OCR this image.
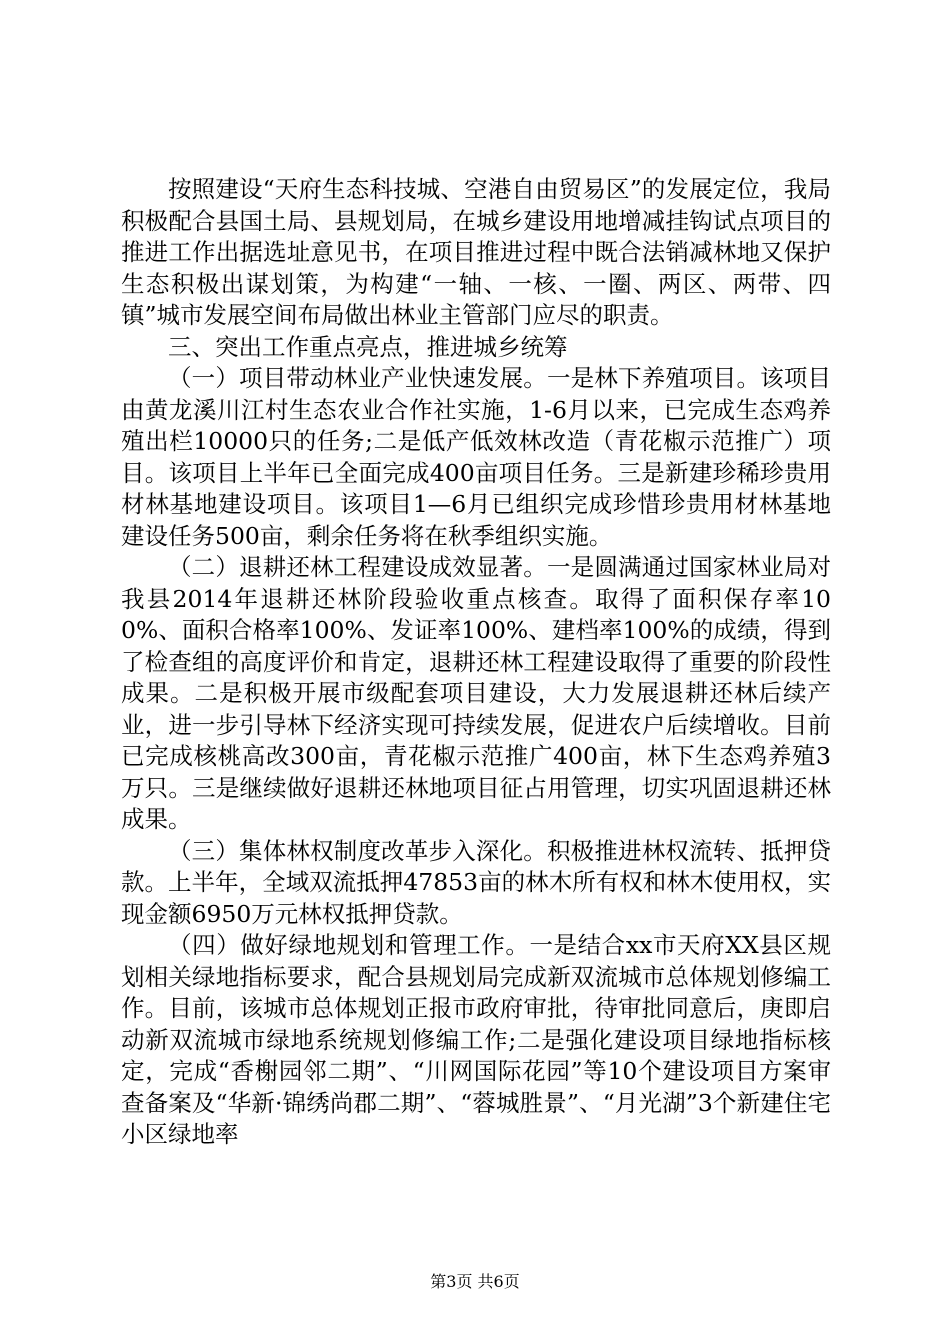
按照建设“天府生态科技城、空港自由贸易区”的发展定位，我局积极配合县国土局、县规划局，在城乡建设用地增减挂钩试点项目的推进工作出据选址意见书，在项目推进过程中既合法销减林地又保护生态积极出谋划策，为构建“一轴、一核、一圈、两区、两带、四镇”城市发展空间布局做出林业主管部门应尽的职责。

三、突出工作重点亮点，推进城乡统筹

（一）项目带动林业产业快速发展。一是林下养殖项目。该项目由黄龙溪川江村生态农业合作社实施，1-6月以来，已完成生态鸡养殖出栏10000只的任务;二是低产低效林改造（青花椒示范推广）项目。该项目上半年已全面完成400亩项目任务。三是新建珍稀珍贵用材林基地建设项目。该项目1—6月已组织完成珍惜珍贵用材林基地建设任务500亩，剩余任务将在秋季组织实施。

（二）退耕还林工程建设成效显著。一是圆满通过国家林业局对我县2014年退耕还林阶段验收重点核查。取得了面积保存率100%、面积合格率100%、发证率100%、建档率100%的成绩，得到了检查组的高度评价和肯定，退耕还林工程建设取得了重要的阶段性成果。二是积极开展市级配套项目建设，大力发展退耕还林后续产业，进一步引导林下经济实现可持续发展，促进农户后续增收。目前已完成核桃高改300亩，青花椒示范推广400亩，林下生态鸡养殖3万只。三是继续做好退耕还林地项目征占用管理，切实巩固退耕还林成果。

（三）集体林权制度改革步入深化。积极推进林权流转、抵押贷款。上半年，全域双流抵押47853亩的林木所有权和林木使用权，实现金额6950万元林权抵押贷款。

（四）做好绿地规划和管理工作。一是结合xx市天府XX县区规划相关绿地指标要求，配合县规划局完成新双流城市总体规划修编工作。目前，该城市总体规划正报市政府审批，待审批同意后，庚即启动新双流城市绿地系统规划修编工作;二是强化建设项目绿地指标核定，完成“香榭园邻二期”、“川网国际花园”等10个建设项目方案审查备案及“华新·锦绣尚郡二期”、“蓉城胜景”、“月光湖”3个新建住宅小区绿地率

第3页 共6页
